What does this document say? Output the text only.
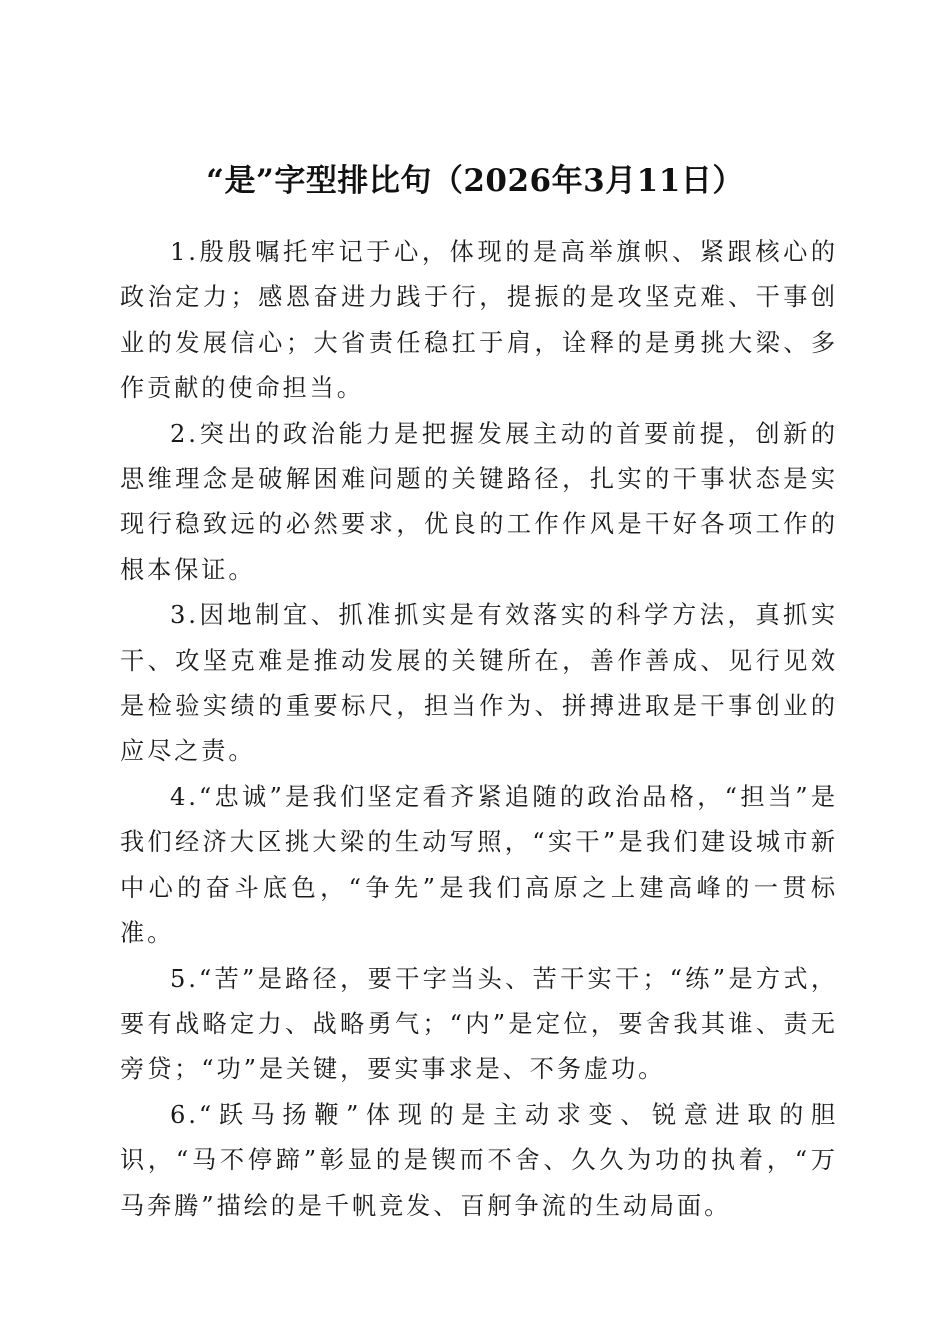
“是”字型排比句（2026年3月11日）

1.殷殷嘱托牢记于心，体现的是高举旗帜、紧跟核心的政治定力；感恩奋进力践于行，提振的是攻坚克难、干事创业的发展信心；大省责任稳扛于肩，诠释的是勇挑大梁、多作贡献的使命担当。

2.突出的政治能力是把握发展主动的首要前提，创新的思维理念是破解困难问题的关键路径，扎实的干事状态是实现行稳致远的必然要求，优良的工作作风是干好各项工作的根本保证。

3.因地制宜、抓准抓实是有效落实的科学方法，真抓实干、攻坚克难是推动发展的关键所在，善作善成、见行见效是检验实绩的重要标尺，担当作为、拼搏进取是干事创业的应尽之责。

4.“忠诚”是我们坚定看齐紧追随的政治品格，“担当”是我们经济大区挑大梁的生动写照，“实干”是我们建设城市新中心的奋斗底色，“争先”是我们高原之上建高峰的一贯标准。

5.“苦”是路径，要干字当头、苦干实干；“练”是方式，要有战略定力、战略勇气；“内”是定位，要舍我其谁、责无旁贷；“功”是关键，要实事求是、不务虚功。

6.“跃马扬鞭”体现的是主动求变、锐意进取的胆识，“马不停蹄”彰显的是锲而不舍、久久为功的执着，“万马奔腾”描绘的是千帆竞发、百舸争流的生动局面。
